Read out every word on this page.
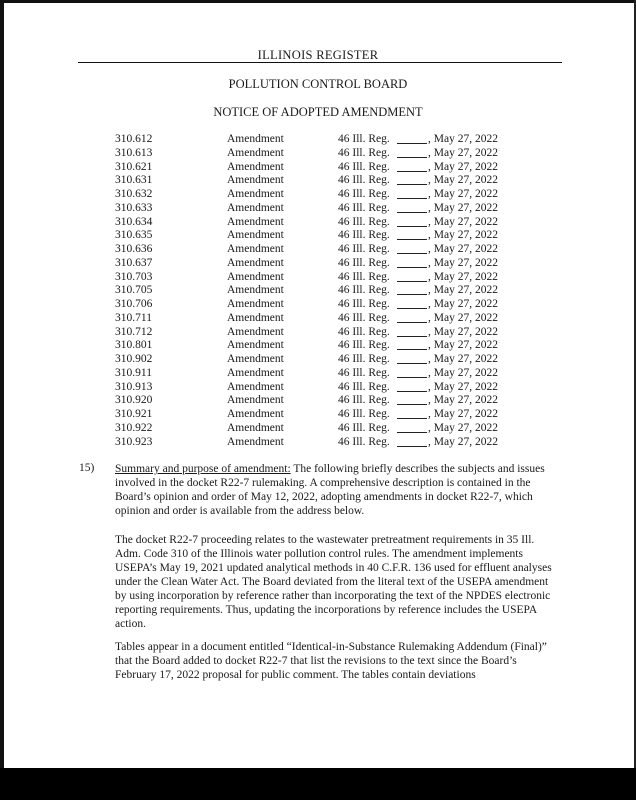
ILLINOIS REGISTER
POLLUTION CONTROL BOARD
NOTICE OF ADOPTED AMENDMENT
310.612	Amendment	46 Ill. Reg.	, May 27, 2022
310.613	Amendment	46 Ill. Reg.	, May 27, 2022
310.621	Amendment	46 Ill. Reg.	, May 27, 2022
310.631	Amendment	46 Ill. Reg.	, May 27, 2022
310.632	Amendment	46 Ill. Reg.	, May 27, 2022
310.633	Amendment	46 Ill. Reg.	, May 27, 2022
310.634	Amendment	46 Ill. Reg.	, May 27, 2022
310.635	Amendment	46 Ill. Reg.	, May 27, 2022
310.636	Amendment	46 Ill. Reg.	, May 27, 2022
310.637	Amendment	46 Ill. Reg.	, May 27, 2022
310.703	Amendment	46 Ill. Reg.	, May 27, 2022
310.705	Amendment	46 Ill. Reg.	, May 27, 2022
310.706	Amendment	46 Ill. Reg.	, May 27, 2022
310.711	Amendment	46 Ill. Reg.	, May 27, 2022
310.712	Amendment	46 Ill. Reg.	, May 27, 2022
310.801	Amendment	46 Ill. Reg.	, May 27, 2022
310.902	Amendment	46 Ill. Reg.	, May 27, 2022
310.911	Amendment	46 Ill. Reg.	, May 27, 2022
310.913	Amendment	46 Ill. Reg.	, May 27, 2022
310.920	Amendment	46 Ill. Reg.	, May 27, 2022
310.921	Amendment	46 Ill. Reg.	, May 27, 2022
310.922	Amendment	46 Ill. Reg.	, May 27, 2022
310.923	Amendment	46 Ill. Reg.	, May 27, 2022
15) Summary and purpose of amendment: The following briefly describes the subjects and issues involved in the docket R22-7 rulemaking. A comprehensive description is contained in the Board’s opinion and order of May 12, 2022, adopting amendments in docket R22-7, which opinion and order is available from the address below.

The docket R22-7 proceeding relates to the wastewater pretreatment requirements in 35 Ill. Adm. Code 310 of the Illinois water pollution control rules. The amendment implements USEPA’s May 19, 2021 updated analytical methods in 40 C.F.R. 136 used for effluent analyses under the Clean Water Act. The Board deviated from the literal text of the USEPA amendment by using incorporation by reference rather than incorporating the text of the NPDES electronic reporting requirements. Thus, updating the incorporations by reference includes the USEPA action.

Tables appear in a document entitled “Identical-in-Substance Rulemaking Addendum (Final)” that the Board added to docket R22-7 that list the revisions to the text since the Board’s February 17, 2022 proposal for public comment. The tables contain deviations
